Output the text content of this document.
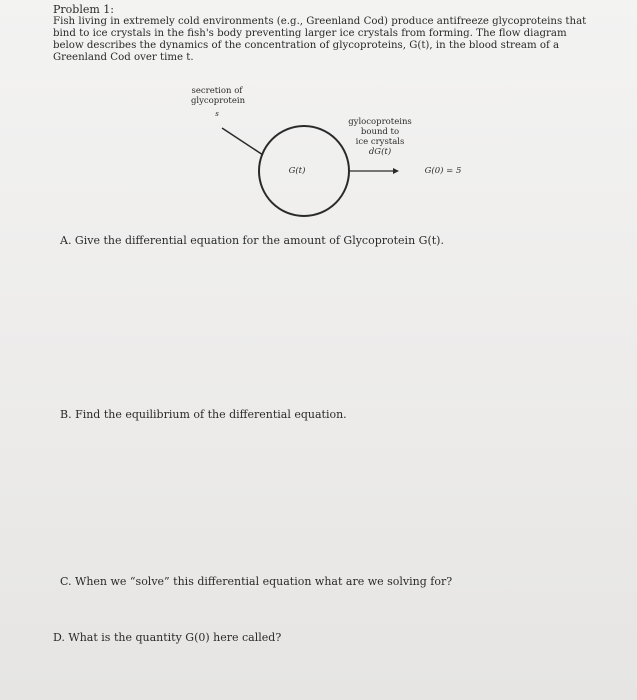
Problem 1:
Fish living in extremely cold environments (e.g., Greenland Cod) produce antifreeze glycoproteins that bind to ice crystals in the fish's body preventing larger ice crystals from forming. The flow diagram below describes the dynamics of the concentration of glycoproteins, G(t), in the blood stream of a Greenland Cod over time t.
secretion of
glycoprotein
s
gylocoproteins
bound to
ice crystals
dG(t)
G(t)	G(0) = 5
A. Give the differential equation for the amount of Glycoprotein G(t).
B. Find the equilibrium of the differential equation.
C. When we “solve” this differential equation what are we solving for?
D. What is the quantity G(0) here called?
